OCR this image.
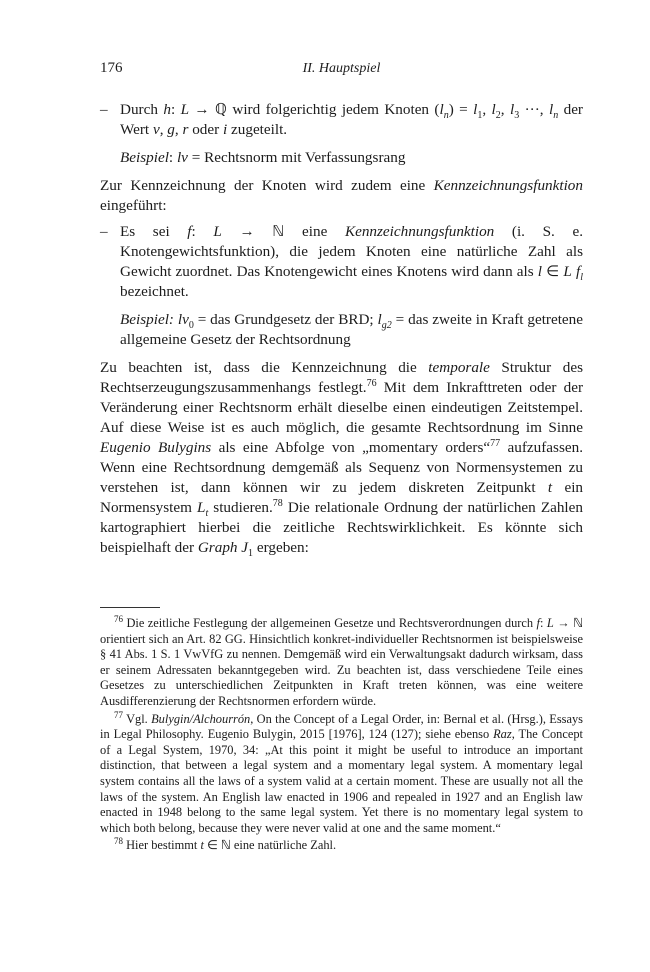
176	II. Hauptspiel
– Durch h: L → ℚ wird folgerichtig jedem Knoten $(l_n) = l_1$, $l_2$, $l_3$ ···, $l_n$ der Wert v, g, r oder i zugeteilt.

Beispiel: lv = Rechtsnorm mit Verfassungsrang

Zur Kennzeichnung der Knoten wird zudem eine Kennzeichnungsfunktion eingeführt:

– Es sei f: L → ℕ eine Kennzeichnungsfunktion (i. S. e. Knotengewichtsfunktion), die jedem Knoten eine natürliche Zahl als Gewicht zuordnet. Das Knotengewicht eines Knotens wird dann als l ∈ L $f_l$ bezeichnet.

Beispiel: $lv_0$ = das Grundgesetz der BRD; $l_{g2}$ = das zweite in Kraft getretene allgemeine Gesetz der Rechtsordnung

Zu beachten ist, dass die Kennzeichnung die temporale Struktur des Rechtserzeugungszusammenhangs festlegt.$^{76}$ Mit dem Inkrafttreten oder der Veränderung einer Rechtsnorm erhält dieselbe einen eindeutigen Zeitstempel. Auf diese Weise ist es auch möglich, die gesamte Rechtsordnung im Sinne Eugenio Bulygins als eine Abfolge von „momentary orders“$^{77}$ aufzufassen. Wenn eine Rechtsordnung demgemäß als Sequenz von Normensystemen zu verstehen ist, dann können wir zu jedem diskreten Zeitpunkt t ein Normensystem $L_t$ studieren.$^{78}$ Die relationale Ordnung der natürlichen Zahlen kartographiert hierbei die zeitliche Rechtswirklichkeit. Es könnte sich beispielhaft der Graph $J_1$ ergeben:

$^{76}$ Die zeitliche Festlegung der allgemeinen Gesetze und Rechtsverordnungen durch f: L → ℕ orientiert sich an Art. 82 GG. Hinsichtlich konkret-individueller Rechtsnormen ist beispielsweise § 41 Abs. 1 S. 1 VwVfG zu nennen. Demgemäß wird ein Verwaltungsakt dadurch wirksam, dass er seinem Adressaten bekanntgegeben wird. Zu beachten ist, dass verschiedene Teile eines Gesetzes zu unterschiedlichen Zeitpunkten in Kraft treten können, was eine weitere Ausdifferenzierung der Rechtsnormen erfordern würde.

$^{77}$ Vgl. Bulygin/Alchourrón, On the Concept of a Legal Order, in: Bernal et al. (Hrsg.), Essays in Legal Philosophy. Eugenio Bulygin, 2015 [1976], 124 (127); siehe ebenso Raz, The Concept of a Legal System, 1970, 34: „At this point it might be useful to introduce an important distinction, that between a legal system and a momentary legal system. A momentary legal system contains all the laws of a system valid at a certain moment. These are usually not all the laws of the system. An English law enacted in 1906 and repealed in 1927 and an English law enacted in 1948 belong to the same legal system. Yet there is no momentary legal system to which both belong, because they were never valid at one and the same moment.“

$^{78}$ Hier bestimmt t ∈ ℕ eine natürliche Zahl.
